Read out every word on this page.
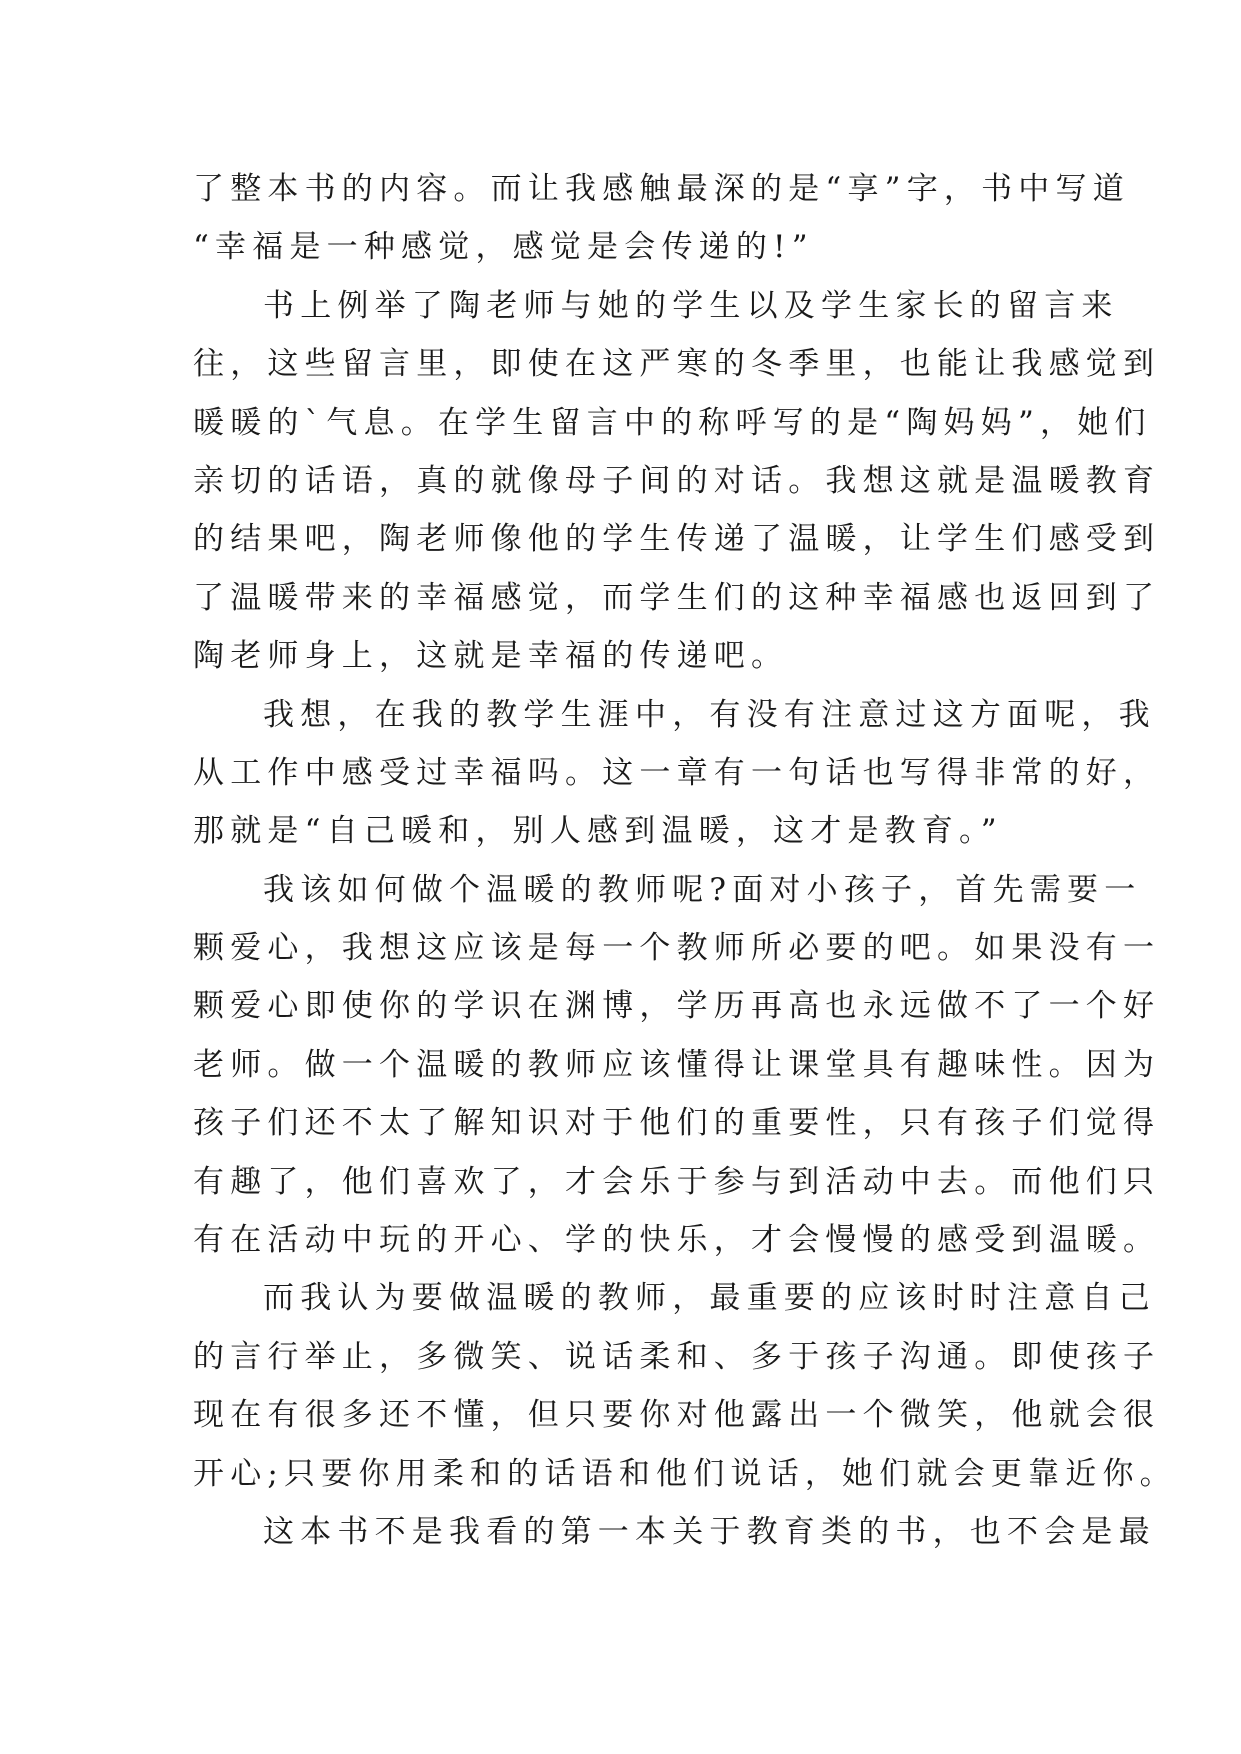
了整本书的内容。而让我感触最深的是“享”字，书中写道
“幸福是一种感觉，感觉是会传递的!”
书上例举了陶老师与她的学生以及学生家长的留言来
往，这些留言里，即使在这严寒的冬季里，也能让我感觉到
暖暖的`气息。在学生留言中的称呼写的是“陶妈妈”，她们
亲切的话语，真的就像母子间的对话。我想这就是温暖教育
的结果吧，陶老师像他的学生传递了温暖，让学生们感受到
了温暖带来的幸福感觉，而学生们的这种幸福感也返回到了
陶老师身上，这就是幸福的传递吧。
我想，在我的教学生涯中，有没有注意过这方面呢，我
从工作中感受过幸福吗。这一章有一句话也写得非常的好，
那就是“自己暖和，别人感到温暖，这才是教育。”
我该如何做个温暖的教师呢?面对小孩子，首先需要一
颗爱心，我想这应该是每一个教师所必要的吧。如果没有一
颗爱心即使你的学识在渊博，学历再高也永远做不了一个好
老师。做一个温暖的教师应该懂得让课堂具有趣味性。因为
孩子们还不太了解知识对于他们的重要性，只有孩子们觉得
有趣了，他们喜欢了，才会乐于参与到活动中去。而他们只
有在活动中玩的开心、学的快乐，才会慢慢的感受到温暖。
而我认为要做温暖的教师，最重要的应该时时注意自己
的言行举止，多微笑、说话柔和、多于孩子沟通。即使孩子
现在有很多还不懂，但只要你对他露出一个微笑，他就会很
开心;只要你用柔和的话语和他们说话，她们就会更靠近你。
这本书不是我看的第一本关于教育类的书，也不会是最
